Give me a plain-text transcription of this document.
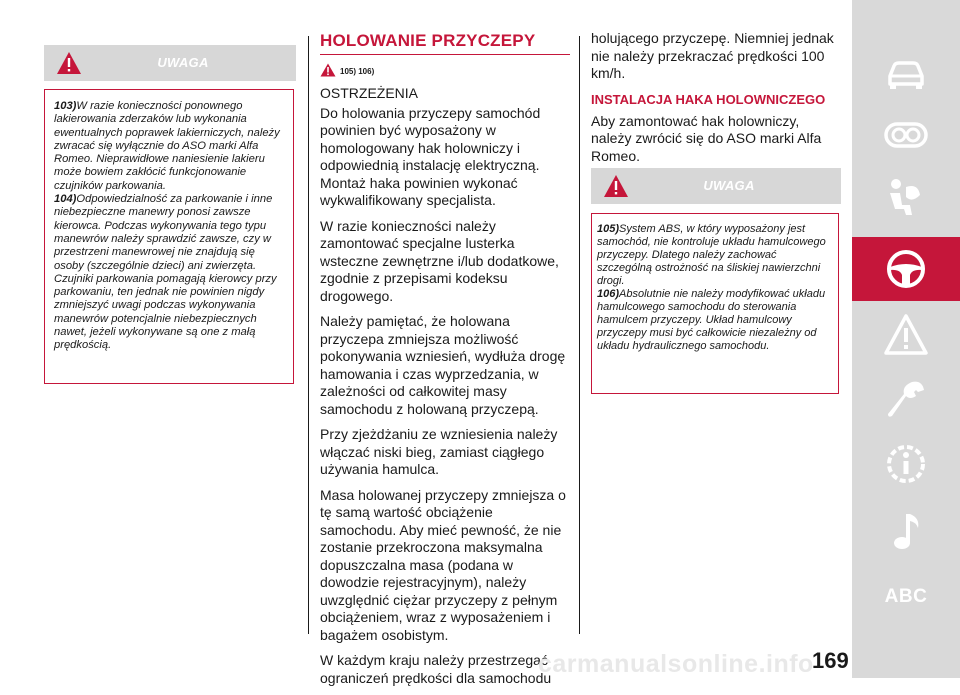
UWAGA

103)W razie konieczności ponownego lakierowania zderzaków lub wykonania ewentualnych poprawek lakierniczych, należy zwracać się wyłącznie do ASO marki Alfa Romeo. Nieprawidłowe naniesienie lakieru może bowiem zakłócić funkcjonowanie czujników parkowania.

104)Odpowiedzialność za parkowanie i inne niebezpieczne manewry ponosi zawsze kierowca. Podczas wykonywania tego typu manewrów należy sprawdzić zawsze, czy w przestrzeni manewrowej nie znajdują się osoby (szczególnie dzieci) ani zwierzęta. Czujniki parkowania pomagają kierowcy przy parkowaniu, ten jednak nie powinien nigdy zmniejszyć uwagi podczas wykonywania manewrów potencjalnie niebezpiecznych nawet, jeżeli wykonywane są one z małą prędkością.

HOLOWANIE PRZYCZEPY
105) 106)

OSTRZEŻENIA

Do holowania przyczepy samochód powinien być wyposażony w homologowany hak holowniczy i odpowiednią instalację elektryczną. Montaż haka powinien wykonać wykwalifikowany specjalista.

W razie konieczności należy zamontować specjalne lusterka wsteczne zewnętrzne i/lub dodatkowe, zgodnie z przepisami kodeksu drogowego.

Należy pamiętać, że holowana przyczepa zmniejsza możliwość pokonywania wzniesień, wydłuża drogę hamowania i czas wyprzedzania, w zależności od całkowitej masy samochodu z holowaną przyczepą.

Przy zjeżdżaniu ze wzniesienia należy włączać niski bieg, zamiast ciągłego używania hamulca.

Masa holowanej przyczepy zmniejsza o tę samą wartość obciążenie samochodu. Aby mieć pewność, że nie zostanie przekroczona maksymalna dopuszczalna masa (podana w dowodzie rejestracyjnym), należy uwzględnić ciężar przyczepy z pełnym obciążeniem, wraz z wyposażeniem i bagażem osobistym.

W każdym kraju należy przestrzegać ograniczeń prędkości dla samochodu

holującego przyczepę. Niemniej jednak nie należy przekraczać prędkości 100 km/h.

INSTALACJA HAKA HOLOWNICZEGO

Aby zamontować hak holowniczy, należy zwrócić się do ASO marki Alfa Romeo.

UWAGA

105)System ABS, w który wyposażony jest samochód, nie kontroluje układu hamulcowego przyczepy. Dlatego należy zachować szczególną ostrożność na śliskiej nawierzchni drogi.

106)Absolutnie nie należy modyfikować układu hamulcowego samochodu do sterowania hamulcem przyczepy. Układ hamulcowy przyczepy musi być całkowicie niezależny od układu hydraulicznego samochodu.

carmanualsonline.info
169
ABC
